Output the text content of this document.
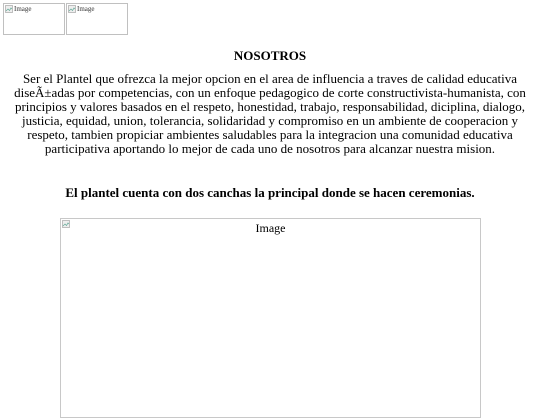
Image	Image
NOSOTROS
Ser el Plantel que ofrezca la mejor opcion en el area de influencia a traves de calidad educativa diseÃ±adas por competencias, con un enfoque pedagogico de corte constructivista-humanista, con principios y valores basados en el respeto, honestidad, trabajo, responsabilidad, diciplina, dialogo, justicia, equidad, union, tolerancia, solidaridad y compromiso en un ambiente de cooperacion y respeto, tambien propiciar ambientes saludables para la integracion una comunidad educativa participativa aportando lo mejor de cada uno de nosotros para alcanzar nuestra mision.
El plantel cuenta con dos canchas la principal donde se hacen ceremonias.
Image
